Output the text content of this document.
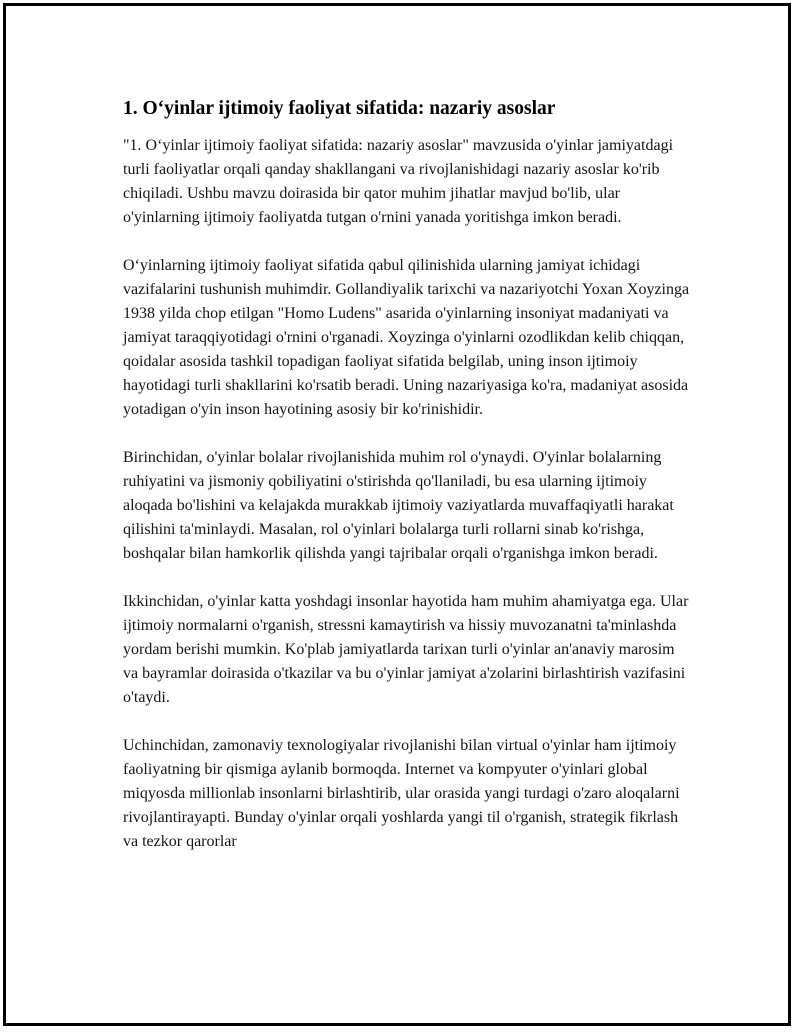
1. O‘yinlar ijtimoiy faoliyat sifatida: nazariy asoslar

"1. O‘yinlar ijtimoiy faoliyat sifatida: nazariy asoslar" mavzusida o'yinlar jamiyatdagi turli faoliyatlar orqali qanday shakllangani va rivojlanishidagi nazariy asoslar ko'rib chiqiladi. Ushbu mavzu doirasida bir qator muhim jihatlar mavjud bo'lib, ular o'yinlarning ijtimoiy faoliyatda tutgan o'rnini yanada yoritishga imkon beradi.

O‘yinlarning ijtimoiy faoliyat sifatida qabul qilinishida ularning jamiyat ichidagi vazifalarini tushunish muhimdir. Gollandiyalik tarixchi va nazariyotchi Yoxan Xoyzinga 1938 yilda chop etilgan "Homo Ludens" asarida o'yinlarning insoniyat madaniyati va jamiyat taraqqiyotidagi o'rnini o'rganadi. Xoyzinga o'yinlarni ozodlikdan kelib chiqqan, qoidalar asosida tashkil topadigan faoliyat sifatida belgilab, uning inson ijtimoiy hayotidagi turli shakllarini ko'rsatib beradi. Uning nazariyasiga ko'ra, madaniyat asosida yotadigan o'yin inson hayotining asosiy bir ko'rinishidir.

Birinchidan, o'yinlar bolalar rivojlanishida muhim rol o'ynaydi. O'yinlar bolalarning ruhiyatini va jismoniy qobiliyatini o'stirishda qo'llaniladi, bu esa ularning ijtimoiy aloqada bo'lishini va kelajakda murakkab ijtimoiy vaziyatlarda muvaffaqiyatli harakat qilishini ta'minlaydi. Masalan, rol o'yinlari bolalarga turli rollarni sinab ko'rishga, boshqalar bilan hamkorlik qilishda yangi tajribalar orqali o'rganishga imkon beradi.

Ikkinchidan, o'yinlar katta yoshdagi insonlar hayotida ham muhim ahamiyatga ega. Ular ijtimoiy normalarni o'rganish, stressni kamaytirish va hissiy muvozanatni ta'minlashda yordam berishi mumkin. Ko'plab jamiyatlarda tarixan turli o'yinlar an'anaviy marosim va bayramlar doirasida o'tkazilar va bu o'yinlar jamiyat a'zolarini birlashtirish vazifasini o'taydi.

Uchinchidan, zamonaviy texnologiyalar rivojlanishi bilan virtual o'yinlar ham ijtimoiy faoliyatning bir qismiga aylanib bormoqda. Internet va kompyuter o'yinlari global miqyosda millionlab insonlarni birlashtirib, ular orasida yangi turdagi o'zaro aloqalarni rivojlantirayapti. Bunday o'yinlar orqali yoshlarda yangi til o'rganish, strategik fikrlash va tezkor qarorlar
